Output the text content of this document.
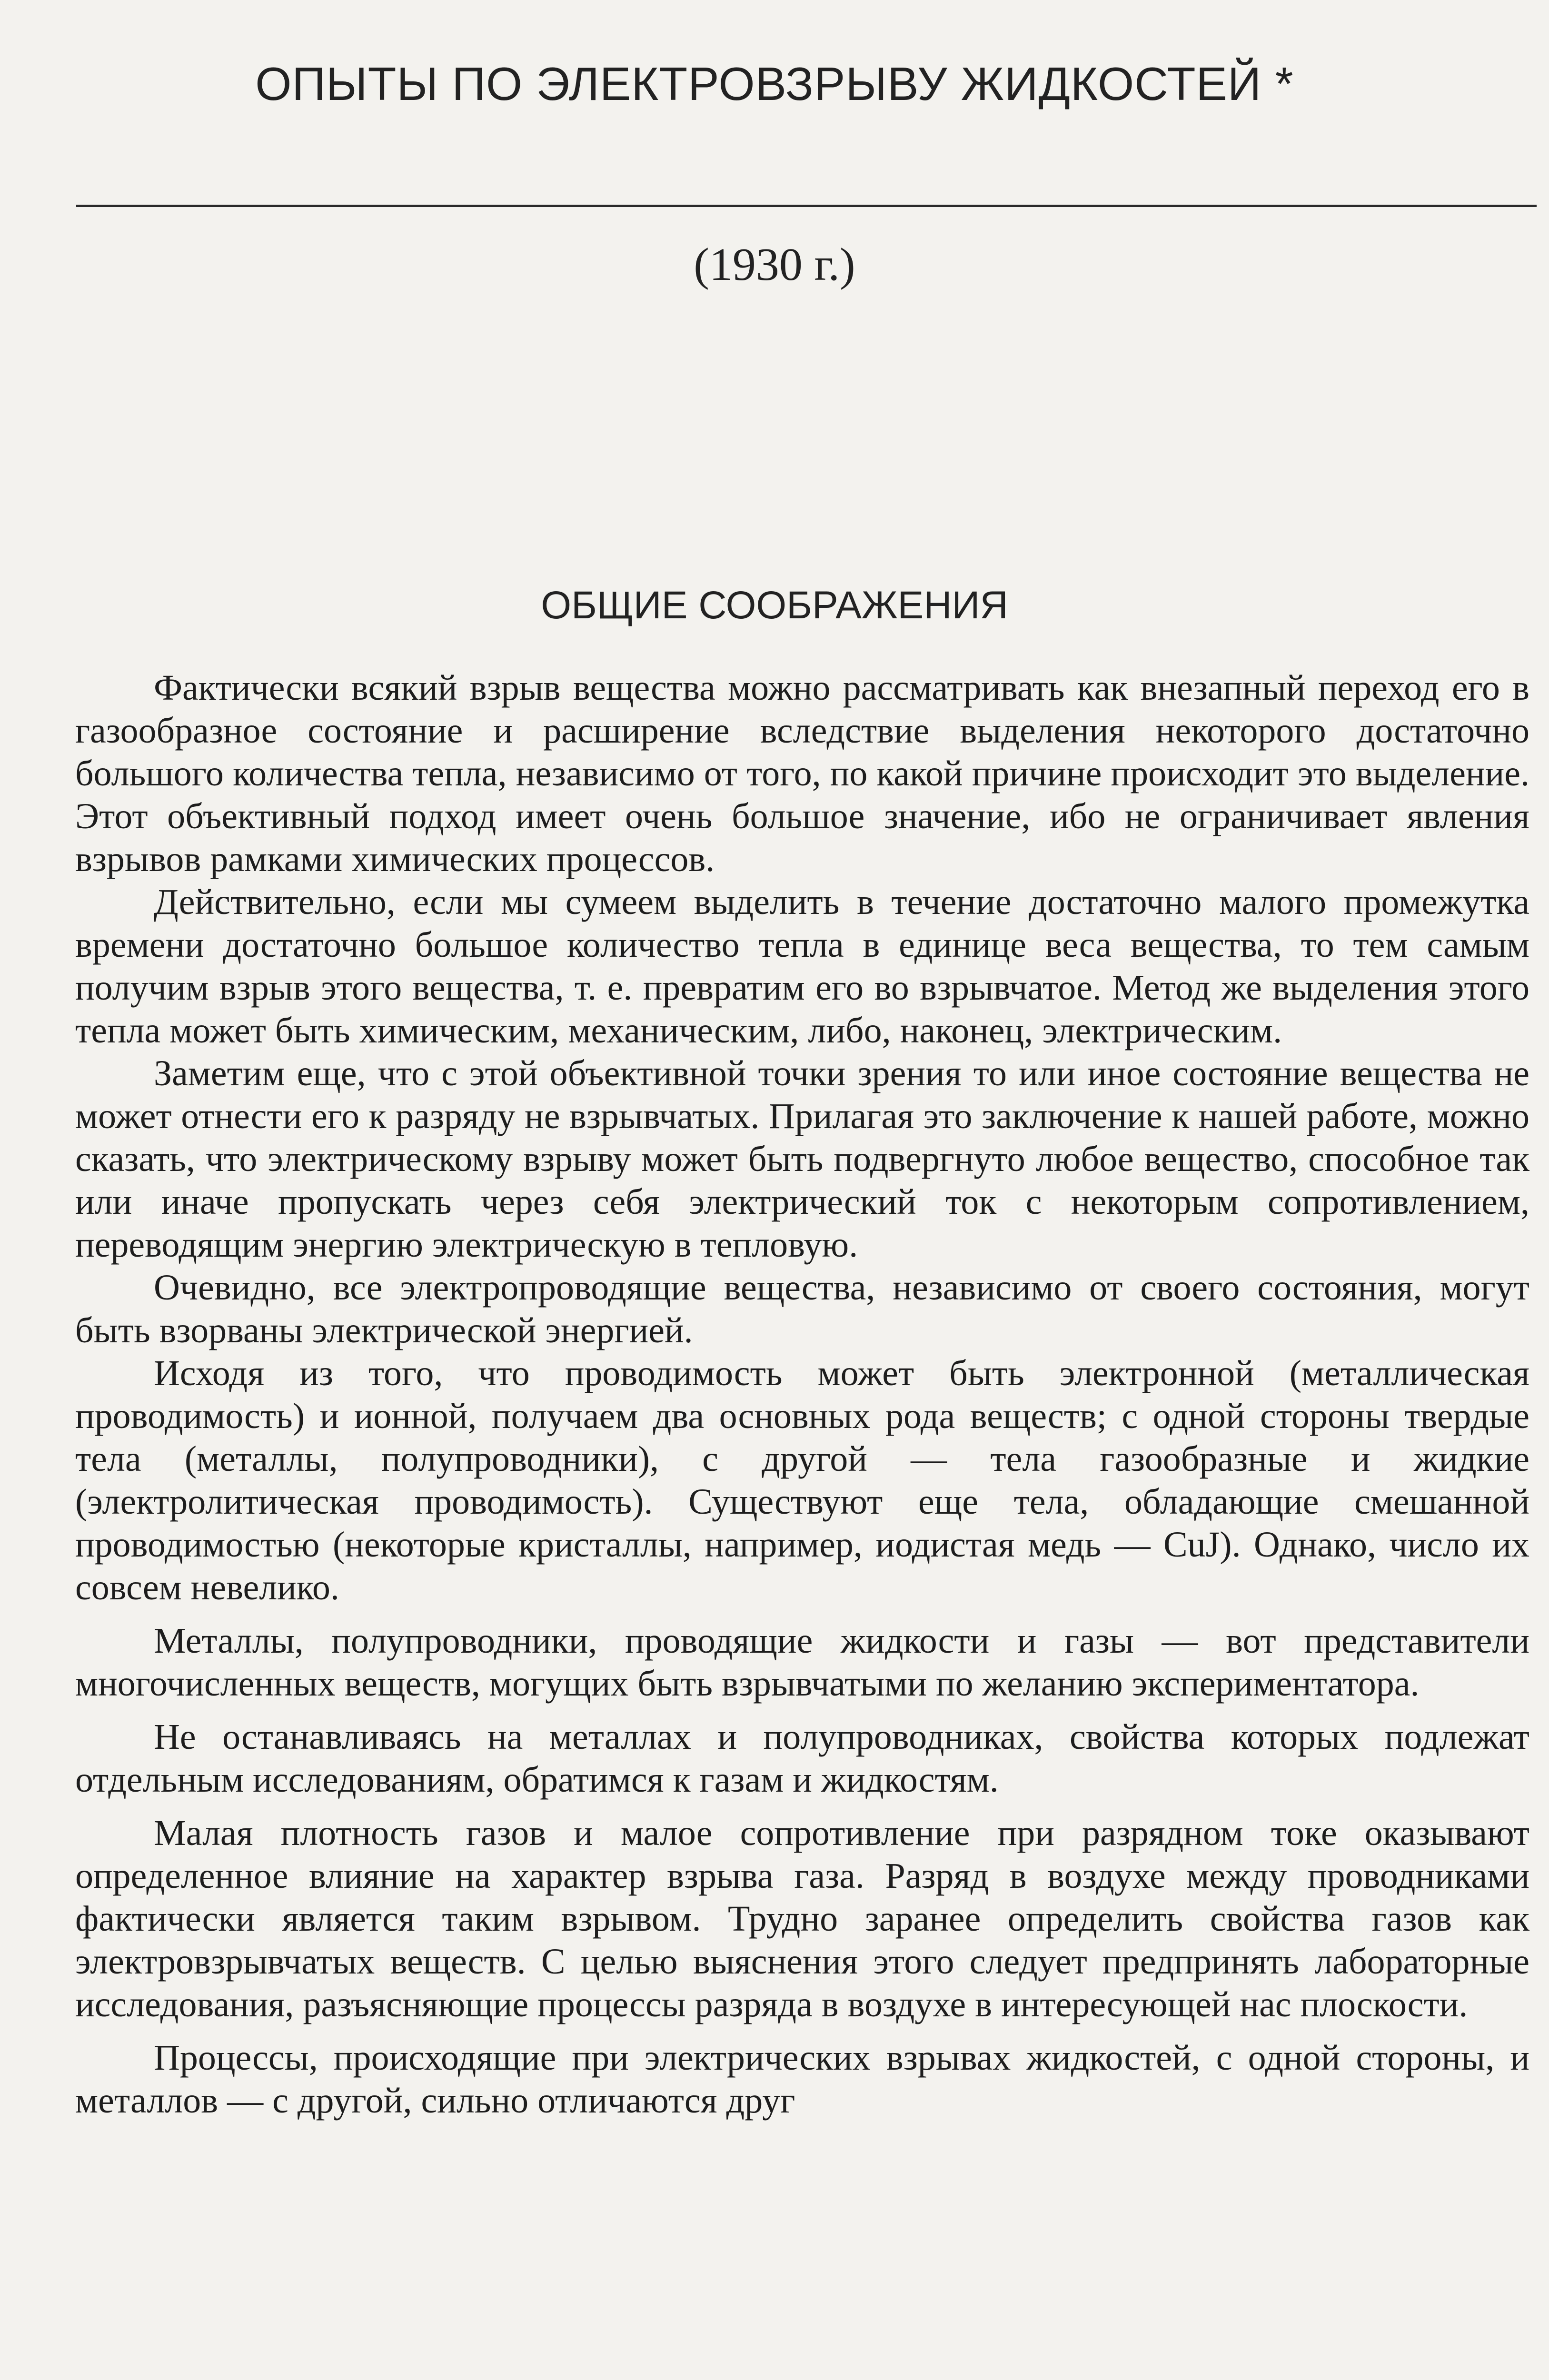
ОПЫТЫ ПО ЭЛЕКТРОВЗРЫВУ ЖИДКОСТЕЙ *
(1930 г.)
ОБЩИЕ СООБРАЖЕНИЯ

Фактически всякий взрыв вещества можно рассматривать как внезапный переход его в газообразное состояние и расширение вследствие выделения некоторого достаточно большого количества тепла, независимо от того, по какой причине происходит это выделение. Этот объективный подход имеет очень большое значение, ибо не ограничивает явления взрывов рамками химических процессов.

Действительно, если мы сумеем выделить в течение достаточно малого промежутка времени достаточно большое количество тепла в единице веса вещества, то тем самым получим взрыв этого вещества, т. е. превратим его во взрывчатое. Метод же выделения этого тепла может быть химическим, механическим, либо, наконец, электрическим.

Заметим еще, что с этой объективной точки зрения то или иное состояние вещества не может отнести его к разряду не взрывчатых. Прилагая это заключение к нашей работе, можно сказать, что электрическому взрыву может быть подвергнуто любое вещество, способное так или иначе пропускать через себя электрический ток с некоторым сопротивлением, переводящим энергию электрическую в тепловую.

Очевидно, все электропроводящие вещества, независимо от своего состояния, могут быть взорваны электрической энергией.

Исходя из того, что проводимость может быть электронной (металлическая проводимость) и ионной, получаем два основных рода веществ; с одной стороны твердые тела (металлы, полупроводники), с другой — тела газообразные и жидкие (электролитическая проводимость). Существуют еще тела, обладающие смешанной проводимостью (некоторые кристаллы, например, иодистая медь — CuJ). Однако, число их совсем невелико.

Металлы, полупроводники, проводящие жидкости и газы — вот представители многочисленных веществ, могущих быть взрывчатыми по желанию экспериментатора.

Не останавливаясь на металлах и полупроводниках, свойства которых подлежат отдельным исследованиям, обратимся к газам и жидкостям.

Малая плотность газов и малое сопротивление при разрядном токе оказывают определенное влияние на характер взрыва газа. Разряд в воздухе между проводниками фактически является таким взрывом. Трудно заранее определить свойства газов как электровзрывчатых веществ. С целью выяснения этого следует предпринять лабораторные исследования, разъясняющие процессы разряда в воздухе в интересующей нас плоскости.

Процессы, происходящие при электрических взрывах жидкостей, с одной стороны, и металлов — с другой, сильно отличаются друг
